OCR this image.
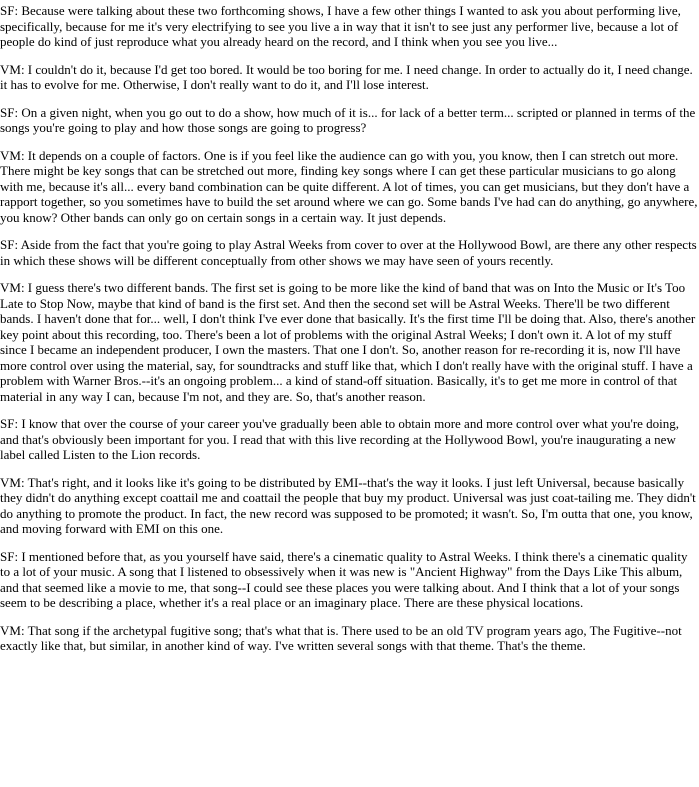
SF: Because were talking about these two forthcoming shows, I have a few other things I wanted to ask you about performing live, specifically, because for me it's very electrifying to see you live a in way that it isn't to see just any performer live, because a lot of people do kind of just reproduce what you already heard on the record, and I think when you see you live...

VM: I couldn't do it, because I'd get too bored. It would be too boring for me. I need change. In order to actually do it, I need change. it has to evolve for me. Otherwise, I don't really want to do it, and I'll lose interest.

SF: On a given night, when you go out to do a show, how much of it is... for lack of a better term... scripted or planned in terms of the songs you're going to play and how those songs are going to progress?

VM: It depends on a couple of factors. One is if you feel like the audience can go with you, you know, then I can stretch out more. There might be key songs that can be stretched out more, finding key songs where I can get these particular musicians to go along with me, because it's all... every band combination can be quite different. A lot of times, you can get musicians, but they don't have a rapport together, so you sometimes have to build the set around where we can go. Some bands I've had can do anything, go anywhere, you know? Other bands can only go on certain songs in a certain way. It just depends.

SF: Aside from the fact that you're going to play Astral Weeks from cover to over at the Hollywood Bowl, are there any other respects in which these shows will be different conceptually from other shows we may have seen of yours recently.

VM: I guess there's two different bands. The first set is going to be more like the kind of band that was on Into the Music or It's Too Late to Stop Now, maybe that kind of band is the first set. And then the second set will be Astral Weeks. There'll be two different bands. I haven't done that for... well, I don't think I've ever done that basically. It's the first time I'll be doing that. Also, there's another key point about this recording, too. There's been a lot of problems with the original Astral Weeks; I don't own it. A lot of my stuff since I became an independent producer, I own the masters. That one I don't. So, another reason for re-recording it is, now I'll have more control over using the material, say, for soundtracks and stuff like that, which I don't really have with the original stuff. I have a problem with Warner Bros.--it's an ongoing problem... a kind of stand-off situation. Basically, it's to get me more in control of that material in any way I can, because I'm not, and they are. So, that's another reason.

SF: I know that over the course of your career you've gradually been able to obtain more and more control over what you're doing, and that's obviously been important for you. I read that with this live recording at the Hollywood Bowl, you're inaugurating a new label called Listen to the Lion records.

VM: That's right, and it looks like it's going to be distributed by EMI--that's the way it looks. I just left Universal, because basically they didn't do anything except coattail me and coattail the people that buy my product. Universal was just coat-tailing me. They didn't do anything to promote the product. In fact, the new record was supposed to be promoted; it wasn't. So, I'm outta that one, you know, and moving forward with EMI on this one.

SF: I mentioned before that, as you yourself have said, there's a cinematic quality to Astral Weeks. I think there's a cinematic quality to a lot of your music. A song that I listened to obsessively when it was new is "Ancient Highway" from the Days Like This album, and that seemed like a movie to me, that song--I could see these places you were talking about. And I think that a lot of your songs seem to be describing a place, whether it's a real place or an imaginary place. There are these physical locations.

VM: That song if the archetypal fugitive song; that's what that is. There used to be an old TV program years ago, The Fugitive--not exactly like that, but similar, in another kind of way. I've written several songs with that theme. That's the theme.
